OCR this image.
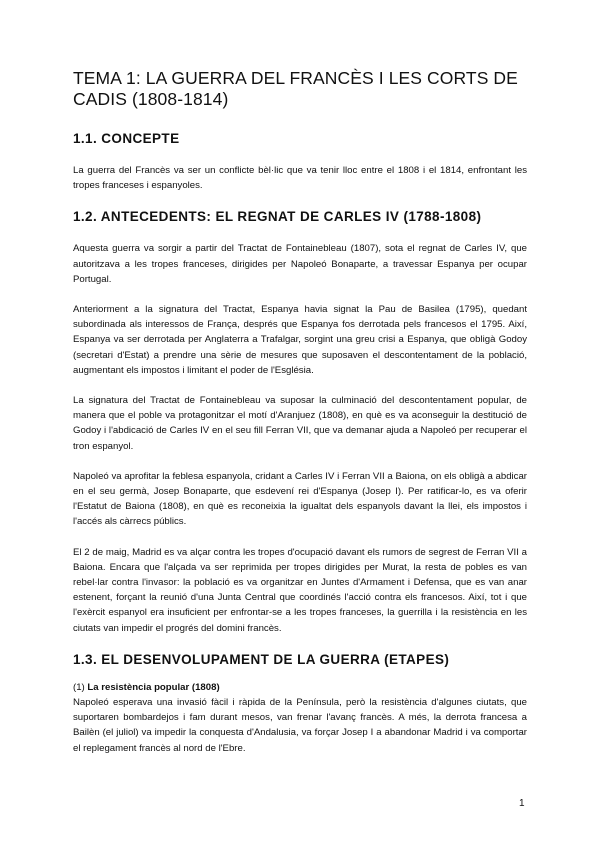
TEMA 1: LA GUERRA DEL FRANCÈS I LES CORTS DE CADIS (1808-1814)
1.1. CONCEPTE

La guerra del Francès va ser un conflicte bèl·lic que va tenir lloc entre el 1808 i el 1814, enfrontant les tropes franceses i espanyoles.

1.2. ANTECEDENTS: EL REGNAT DE CARLES IV (1788-1808)

Aquesta guerra va sorgir a partir del Tractat de Fontainebleau (1807), sota el regnat de Carles IV, que autoritzava a les tropes franceses, dirigides per Napoleó Bonaparte, a travessar Espanya per ocupar Portugal.

Anteriorment a la signatura del Tractat, Espanya havia signat la Pau de Basilea (1795), quedant subordinada als interessos de França, després que Espanya fos derrotada pels francesos el 1795. Així, Espanya va ser derrotada per Anglaterra a Trafalgar, sorgint una greu crisi a Espanya, que obligà Godoy (secretari d'Estat) a prendre una sèrie de mesures que suposaven el descontentament de la població, augmentant els impostos i limitant el poder de l'Església.

La signatura del Tractat de Fontainebleau va suposar la culminació del descontentament popular, de manera que el poble va protagonitzar el motí d'Aranjuez (1808), en què es va aconseguir la destitució de Godoy i l'abdicació de Carles IV en el seu fill Ferran VII, que va demanar ajuda a Napoleó per recuperar el tron espanyol.

Napoleó va aprofitar la feblesa espanyola, cridant a Carles IV i Ferran VII a Baiona, on els obligà a abdicar en el seu germà, Josep Bonaparte, que esdevení rei d'Espanya (Josep I). Per ratificar-lo, es va oferir l'Estatut de Baiona (1808), en què es reconeixia la igualtat dels espanyols davant la llei, els impostos i l'accés als càrrecs públics.

El 2 de maig, Madrid es va alçar contra les tropes d'ocupació davant els rumors de segrest de Ferran VII a Baiona. Encara que l'alçada va ser reprimida per tropes dirigides per Murat, la resta de pobles es van rebel·lar contra l'invasor: la població es va organitzar en Juntes d'Armament i Defensa, que es van anar estenent, forçant la reunió d'una Junta Central que coordinés l'acció contra els francesos. Així, tot i que l'exèrcit espanyol era insuficient per enfrontar-se a les tropes franceses, la guerrilla i la resistència en les ciutats van impedir el progrés del domini francès.

1.3. EL DESENVOLUPAMENT DE LA GUERRA (ETAPES)
(1) La resistència popular (1808)

Napoleó esperava una invasió fàcil i ràpida de la Península, però la resistència d'algunes ciutats, que suportaren bombardejos i fam durant mesos, van frenar l'avanç francès. A més, la derrota francesa a Bailèn (el juliol) va impedir la conquesta d'Andalusia, va forçar Josep I a abandonar Madrid i va comportar el replegament francès al nord de l'Ebre.

1
